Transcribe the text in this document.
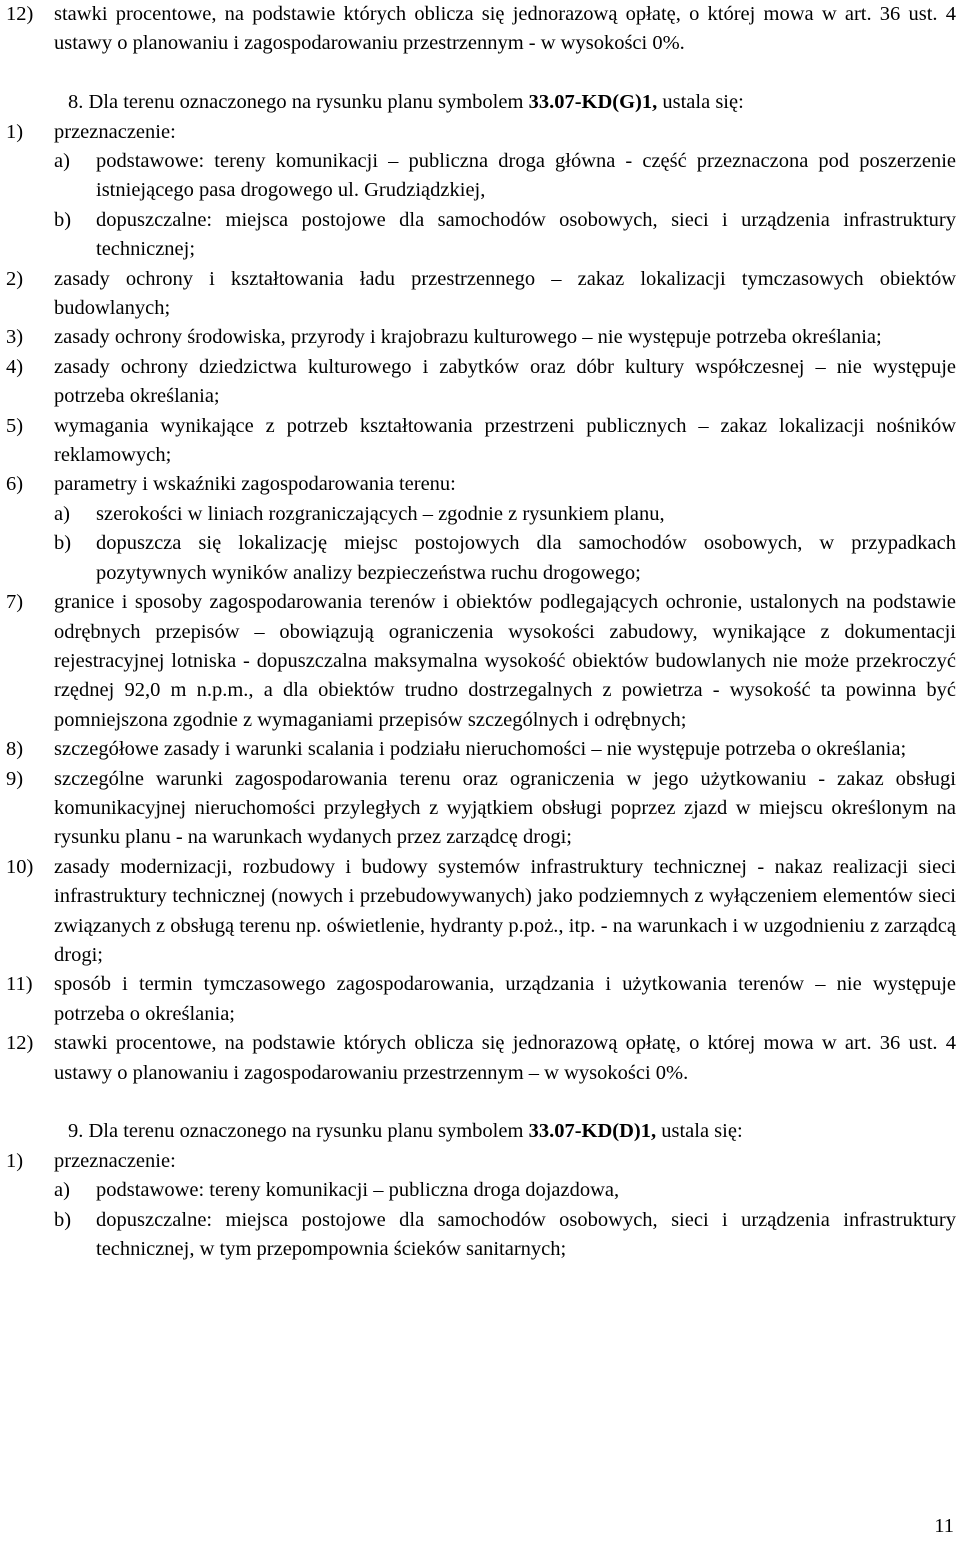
12)	stawki procentowe, na podstawie których oblicza się jednorazową opłatę, o której mowa w art. 36 ust. 4 ustawy o planowaniu i zagospodarowaniu przestrzennym - w wysokości 0%.
8. Dla terenu oznaczonego na rysunku planu symbolem 33.07-KD(G)1, ustala się:
1)	przeznaczenie:
a)	podstawowe: tereny komunikacji – publiczna droga główna - część przeznaczona pod poszerzenie istniejącego pasa drogowego ul. Grudziądzkiej,
b)	dopuszczalne: miejsca postojowe dla samochodów osobowych, sieci i urządzenia infrastruktury technicznej;
2)	zasady ochrony i kształtowania ładu przestrzennego – zakaz lokalizacji tymczasowych obiektów budowlanych;
3)	zasady ochrony środowiska, przyrody i krajobrazu kulturowego – nie występuje potrzeba określania;
4)	zasady ochrony dziedzictwa kulturowego i zabytków oraz dóbr kultury współczesnej – nie występuje potrzeba określania;
5)	wymagania wynikające z potrzeb kształtowania przestrzeni publicznych – zakaz lokalizacji nośników reklamowych;
6)	parametry i wskaźniki zagospodarowania terenu:
a)	szerokości w liniach rozgraniczających – zgodnie z rysunkiem planu,
b)	dopuszcza się lokalizację miejsc postojowych dla samochodów osobowych, w przypadkach pozytywnych wyników analizy bezpieczeństwa ruchu drogowego;
7)	granice i sposoby zagospodarowania terenów i obiektów podlegających ochronie, ustalonych na podstawie odrębnych przepisów – obowiązują ograniczenia wysokości zabudowy, wynikające z dokumentacji rejestracyjnej lotniska - dopuszczalna maksymalna wysokość obiektów budowlanych nie może przekroczyć rzędnej 92,0 m n.p.m., a dla obiektów trudno dostrzegalnych z powietrza - wysokość ta powinna być pomniejszona zgodnie z wymaganiami przepisów szczególnych i odrębnych;
8)	szczegółowe zasady i warunki scalania i podziału nieruchomości – nie występuje potrzeba o określania;
9)	szczególne warunki zagospodarowania terenu oraz ograniczenia w jego użytkowaniu - zakaz obsługi komunikacyjnej nieruchomości przyległych z wyjątkiem obsługi poprzez zjazd w miejscu określonym na rysunku planu - na warunkach wydanych przez zarządcę drogi;
10)	zasady modernizacji, rozbudowy i budowy systemów infrastruktury technicznej - nakaz realizacji sieci infrastruktury technicznej (nowych i przebudowywanych) jako podziemnych z wyłączeniem elementów sieci związanych z obsługą terenu np. oświetlenie, hydranty p.poż., itp. - na warunkach i w uzgodnieniu z zarządcą drogi;
11)	sposób i termin tymczasowego zagospodarowania, urządzania i użytkowania terenów – nie występuje potrzeba o określania;
12)	stawki procentowe, na podstawie których oblicza się jednorazową opłatę, o której mowa w art. 36 ust. 4 ustawy o planowaniu i zagospodarowaniu przestrzennym – w wysokości 0%.
9. Dla terenu oznaczonego na rysunku planu symbolem 33.07-KD(D)1, ustala się:
1)	przeznaczenie:
a)	podstawowe: tereny komunikacji – publiczna droga dojazdowa,
b)	dopuszczalne: miejsca postojowe dla samochodów osobowych, sieci i urządzenia infrastruktury technicznej, w tym przepompownia ścieków sanitarnych;
11
